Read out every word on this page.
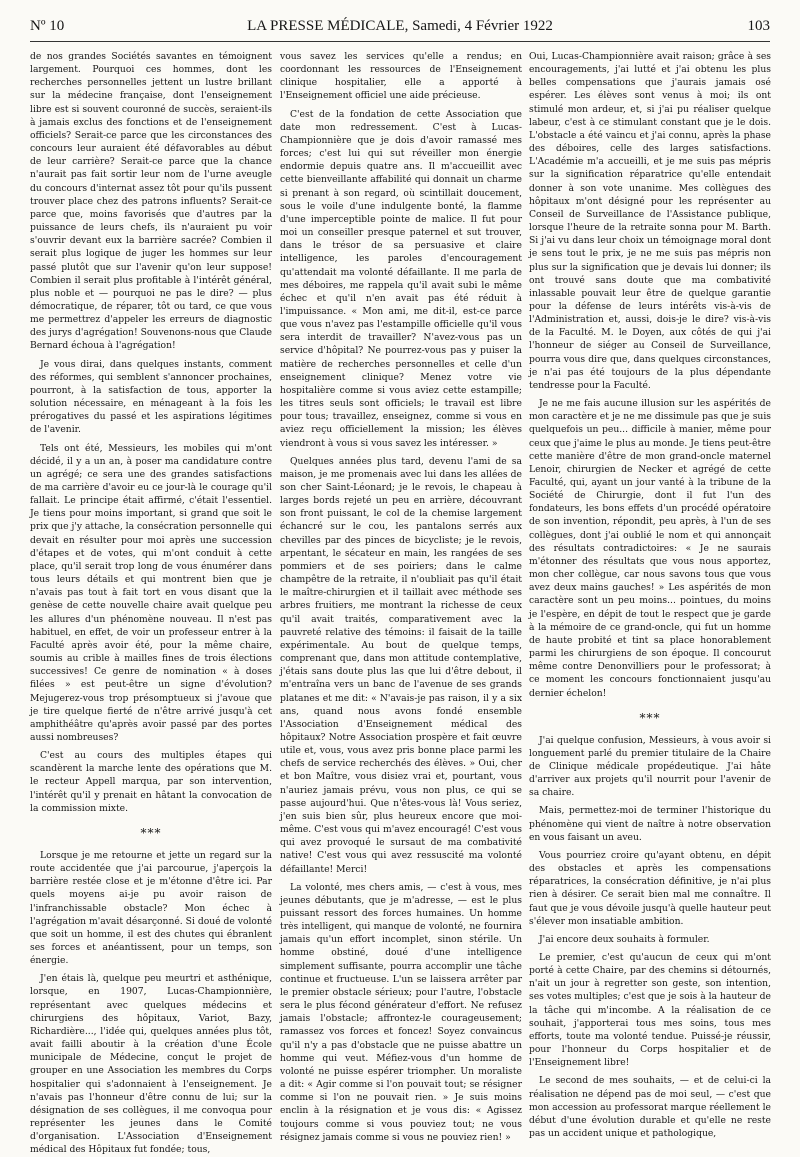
Nº 10	LA PRESSE MÉDICALE, Samedi, 4 Février 1922	103

de nos grandes Sociétés savantes en témoignent largement. Pourquoi ces hommes, dont les recherches personnelles jettent un lustre brillant sur la médecine française, dont l'enseignement libre est si souvent couronné de succès, seraient-ils à jamais exclus des fonctions et de l'enseignement officiels? Serait-ce parce que les circonstances des concours leur auraient été défavorables au début de leur carrière? Serait-ce parce que la chance n'aurait pas fait sortir leur nom de l'urne aveugle du concours d'internat assez tôt pour qu'ils pussent trouver place chez des patrons influents? Serait-ce parce que, moins favorisés que d'autres par la puissance de leurs chefs, ils n'auraient pu voir s'ouvrir devant eux la barrière sacrée? Combien il serait plus logique de juger les hommes sur leur passé plutôt que sur l'avenir qu'on leur suppose! Combien il serait plus profitable à l'intérêt général, plus noble et — pourquoi ne pas le dire? — plus démocratique, de réparer, tôt ou tard, ce que vous me permettrez d'appeler les erreurs de diagnostic des jurys d'agrégation! Souvenons-nous que Claude Bernard échoua à l'agrégation!

Je vous dirai, dans quelques instants, comment des réformes, qui semblent s'annoncer prochaines, pourront, à la satisfaction de tous, apporter la solution nécessaire, en ménageant à la fois les prérogatives du passé et les aspirations légitimes de l'avenir.

Tels ont été, Messieurs, les mobiles qui m'ont décidé, il y a un an, à poser ma candidature contre un agrégé; ce sera une des grandes satisfactions de ma carrière d'avoir eu ce jour-là le courage qu'il fallait. Le principe était affirmé, c'était l'essentiel. Je tiens pour moins important, si grand que soit le prix que j'y attache, la consécration personnelle qui devait en résulter pour moi après une succession d'étapes et de votes, qui m'ont conduit à cette place, qu'il serait trop long de vous énumérer dans tous leurs détails et qui montrent bien que je n'avais pas tout à fait tort en vous disant que la genèse de cette nouvelle chaire avait quelque peu les allures d'un phénomène nouveau. Il n'est pas habituel, en effet, de voir un professeur entrer à la Faculté après avoir été, pour la même chaire, soumis au crible à mailles fines de trois élections successives! Ce genre de nomination « à doses filées » est peut-être un signe d'évolution? Mejugerez-vous trop présomptueux si j'avoue que je tire quelque fierté de n'être arrivé jusqu'à cet amphithéâtre qu'après avoir passé par des portes aussi nombreuses?

C'est au cours des multiples étapes qui scandèrent la marche lente des opérations que M. le recteur Appell marqua, par son intervention, l'intérêt qu'il y prenait en hâtant la convocation de la commission mixte.

***

Lorsque je me retourne et jette un regard sur la route accidentée que j'ai parcourue, j'aperçois la barrière restée close et je m'étonne d'être ici. Par quels moyens ai-je pu avoir raison de l'infranchissable obstacle? Mon échec à l'agrégation m'avait désarçonné. Si doué de volonté que soit un homme, il est des chutes qui ébranlent ses forces et anéantissent, pour un temps, son énergie.

J'en étais là, quelque peu meurtri et asthénique, lorsque, en 1907, Lucas-Championnière, représentant avec quelques médecins et chirurgiens des hôpitaux, Variot, Bazy, Richardière..., l'idée qui, quelques années plus tôt, avait failli aboutir à la création d'une École municipale de Médecine, conçut le projet de grouper en une Association les membres du Corps hospitalier qui s'adonnaient à l'enseignement. Je n'avais pas l'honneur d'être connu de lui; sur la désignation de ses collègues, il me convoqua pour représenter les jeunes dans le Comité d'organisation. L'Association d'Enseignement médical des Hôpitaux fut fondée; tous,

vous savez les services qu'elle a rendus; en coordonnant les ressources de l'Enseignement clinique hospitalier, elle a apporté à l'Enseignement officiel une aide précieuse.

C'est de la fondation de cette Association que date mon redressement. C'est à Lucas-Championnière que je dois d'avoir ramassé mes forces; c'est lui qui sut réveiller mon énergie endormie depuis quatre ans. Il m'accueillit avec cette bienveillante affabilité qui donnait un charme si prenant à son regard, où scintillait doucement, sous le voile d'une indulgente bonté, la flamme d'une imperceptible pointe de malice. Il fut pour moi un conseiller presque paternel et sut trouver, dans le trésor de sa persuasive et claire intelligence, les paroles d'encouragement qu'attendait ma volonté défaillante. Il me parla de mes déboires, me rappela qu'il avait subi le même échec et qu'il n'en avait pas été réduit à l'impuissance. « Mon ami, me dit-il, est-ce parce que vous n'avez pas l'estampille officielle qu'il vous sera interdit de travailler? N'avez-vous pas un service d'hôpital? Ne pourrez-vous pas y puiser la matière de recherches personnelles et celle d'un enseignement clinique? Menez votre vie hospitalière comme si vous aviez cette estampille; les titres seuls sont officiels; le travail est libre pour tous; travaillez, enseignez, comme si vous en aviez reçu officiellement la mission; les élèves viendront à vous si vous savez les intéresser. »

Quelques années plus tard, devenu l'ami de sa maison, je me promenais avec lui dans les allées de son cher Saint-Léonard; je le revois, le chapeau à larges bords rejeté un peu en arrière, découvrant son front puissant, le col de la chemise largement échancré sur le cou, les pantalons serrés aux chevilles par des pinces de bicycliste; je le revois, arpentant, le sécateur en main, les rangées de ses pommiers et de ses poiriers; dans le calme champêtre de la retraite, il n'oubliait pas qu'il était le maître-chirurgien et il taillait avec méthode ses arbres fruitiers, me montrant la richesse de ceux qu'il avait traités, comparativement avec la pauvreté relative des témoins: il faisait de la taille expérimentale. Au bout de quelque temps, comprenant que, dans mon attitude contemplative, j'étais sans doute plus las que lui d'être debout, il m'entraîna vers un banc de l'avenue de ses grands platanes et me dit: « N'avais-je pas raison, il y a six ans, quand nous avons fondé ensemble l'Association d'Enseignement médical des hôpitaux? Notre Association prospère et fait œuvre utile et, vous, vous avez pris bonne place parmi les chefs de service recherchés des élèves. » Oui, cher et bon Maître, vous disiez vrai et, pourtant, vous n'auriez jamais prévu, vous non plus, ce qui se passe aujourd'hui. Que n'êtes-vous là! Vous seriez, j'en suis bien sûr, plus heureux encore que moi-même. C'est vous qui m'avez encouragé! C'est vous qui avez provoqué le sursaut de ma combativité native! C'est vous qui avez ressuscité ma volonté défaillante! Merci!

La volonté, mes chers amis, — c'est à vous, mes jeunes débutants, que je m'adresse, — est le plus puissant ressort des forces humaines. Un homme très intelligent, qui manque de volonté, ne fournira jamais qu'un effort incomplet, sinon stérile. Un homme obstiné, doué d'une intelligence simplement suffisante, pourra accomplir une tâche continue et fructueuse. L'un se laissera arrêter par le premier obstacle sérieux; pour l'autre, l'obstacle sera le plus fécond générateur d'effort. Ne refusez jamais l'obstacle; affrontez-le courageusement; ramassez vos forces et foncez! Soyez convaincus qu'il n'y a pas d'obstacle que ne puisse abattre un homme qui veut. Méfiez-vous d'un homme de volonté ne puisse espérer triompher. Un moraliste a dit: « Agir comme si l'on pouvait tout; se résigner comme si l'on ne pouvait rien. » Je suis moins enclin à la résignation et je vous dis: « Agissez toujours comme si vous pouviez tout; ne vous résignez jamais comme si vous ne pouviez rien! »

Oui, Lucas-Championnière avait raison; grâce à ses encouragements, j'ai lutté et j'ai obtenu les plus belles compensations que j'aurais jamais osé espérer. Les élèves sont venus à moi; ils ont stimulé mon ardeur, et, si j'ai pu réaliser quelque labeur, c'est à ce stimulant constant que je le dois. L'obstacle a été vaincu et j'ai connu, après la phase des déboires, celle des larges satisfactions. L'Académie m'a accueilli, et je me suis pas mépris sur la signification réparatrice qu'elle entendait donner à son vote unanime. Mes collègues des hôpitaux m'ont désigné pour les représenter au Conseil de Surveillance de l'Assistance publique, lorsque l'heure de la retraite sonna pour M. Barth. Si j'ai vu dans leur choix un témoignage moral dont je sens tout le prix, je ne me suis pas mépris non plus sur la signification que je devais lui donner; ils ont trouvé sans doute que ma combativité inlassable pouvait leur être de quelque garantie pour la défense de leurs intérêts vis-à-vis de l'Administration et, aussi, dois-je le dire? vis-à-vis de la Faculté. M. le Doyen, aux côtés de qui j'ai l'honneur de siéger au Conseil de Surveillance, pourra vous dire que, dans quelques circonstances, je n'ai pas été toujours de la plus dépendante tendresse pour la Faculté.

Je ne me fais aucune illusion sur les aspérités de mon caractère et je ne me dissimule pas que je suis quelquefois un peu... difficile à manier, même pour ceux que j'aime le plus au monde. Je tiens peut-être cette manière d'être de mon grand-oncle maternel Lenoir, chirurgien de Necker et agrégé de cette Faculté, qui, ayant un jour vanté à la tribune de la Société de Chirurgie, dont il fut l'un des fondateurs, les bons effets d'un procédé opératoire de son invention, répondit, peu après, à l'un de ses collègues, dont j'ai oublié le nom et qui annonçait des résultats contradictoires: « Je ne saurais m'étonner des résultats que vous nous apportez, mon cher collègue, car nous savons tous que vous avez deux mains gauches! » Les aspérités de mon caractère sont un peu moins... pointues, du moins je l'espère, en dépit de tout le respect que je garde à la mémoire de ce grand-oncle, qui fut un homme de haute probité et tint sa place honorablement parmi les chirurgiens de son époque. Il concourut même contre Denonvilliers pour le professorat; à ce moment les concours fonctionnaient jusqu'au dernier échelon!

***

J'ai quelque confusion, Messieurs, à vous avoir si longuement parlé du premier titulaire de la Chaire de Clinique médicale propédeutique. J'ai hâte d'arriver aux projets qu'il nourrit pour l'avenir de sa chaire.

Mais, permettez-moi de terminer l'historique du phénomène qui vient de naître à notre observation en vous faisant un aveu.

Vous pourriez croire qu'ayant obtenu, en dépit des obstacles et après les compensations réparatrices, la consécration définitive, je n'ai plus rien à désirer. Ce serait bien mal me connaître. Il faut que je vous dévoile jusqu'à quelle hauteur peut s'élever mon insatiable ambition.

J'ai encore deux souhaits à formuler.

Le premier, c'est qu'aucun de ceux qui m'ont porté à cette Chaire, par des chemins si détournés, n'ait un jour à regretter son geste, son intention, ses votes multiples; c'est que je sois à la hauteur de la tâche qui m'incombe. A la réalisation de ce souhait, j'apporterai tous mes soins, tous mes efforts, toute ma volonté tendue. Puissé-je réussir, pour l'honneur du Corps hospitalier et de l'Enseignement libre!

Le second de mes souhaits, — et de celui-ci la réalisation ne dépend pas de moi seul, — c'est que mon accession au professorat marque réellement le début d'une évolution durable et qu'elle ne reste pas un accident unique et pathologique,
